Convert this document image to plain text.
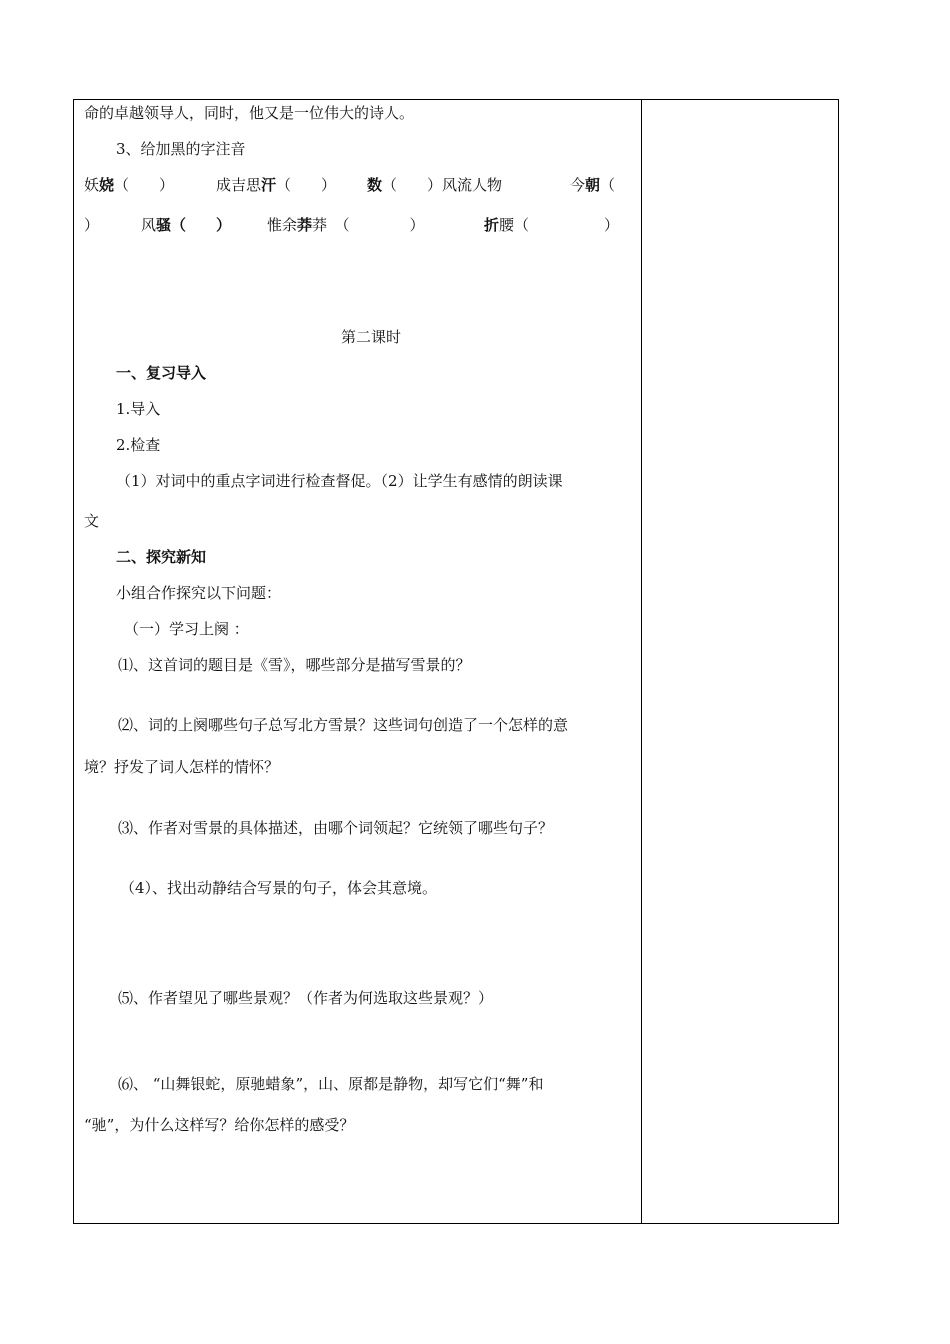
命的卓越领导人，同时，他又是一位伟大的诗人。
3、给加黑的字注音
妖娆（　　）	成吉思汗（　　） 数（　　）风流人物	今朝（
）	风骚（　　） 惟余莽莽　（　　　　）	折腰（　　　　　）
第二课时
一、复习导入
1.导入
2.检查
（1）对词中的重点字词进行检查督促。（2）让学生有感情的朗读课
文
二、探究新知
小组合作探究以下问题：
（一）学习上阕 ：
⑴、这首词的题目是《雪》，哪些部分是描写雪景的？
⑵、词的上阕哪些句子总写北方雪景？这些词句创造了一个怎样的意
境？抒发了词人怎样的情怀？
⑶、作者对雪景的具体描述，由哪个词领起？它统领了哪些句子？
（4）、找出动静结合写景的句子，体会其意境。
⑸、作者望见了哪些景观？（作者为何选取这些景观？）
⑹、 “山舞银蛇，原驰蜡象”，山、原都是静物，却写它们“舞”和
“驰”，为什么这样写？给你怎样的感受？
